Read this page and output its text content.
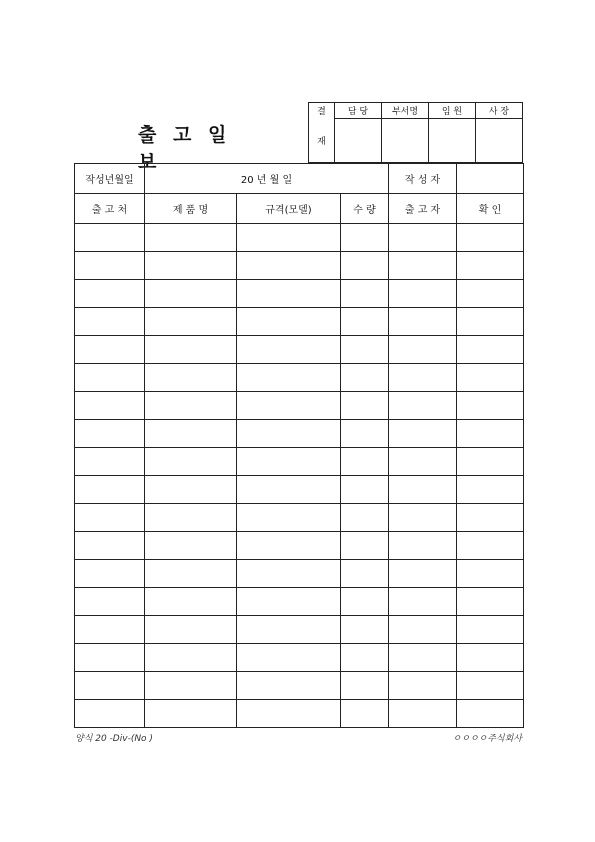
출 고 일 보
결	담 당	부서명	임 원	사 장
재				
작성년월일	20 년 월 일			작 성 자	
출 고 처	제 품 명	규격(모델)	수 량	출 고 자	확 인

양식 20 -Div-(No )	ㅇㅇㅇㅇ주식회사
